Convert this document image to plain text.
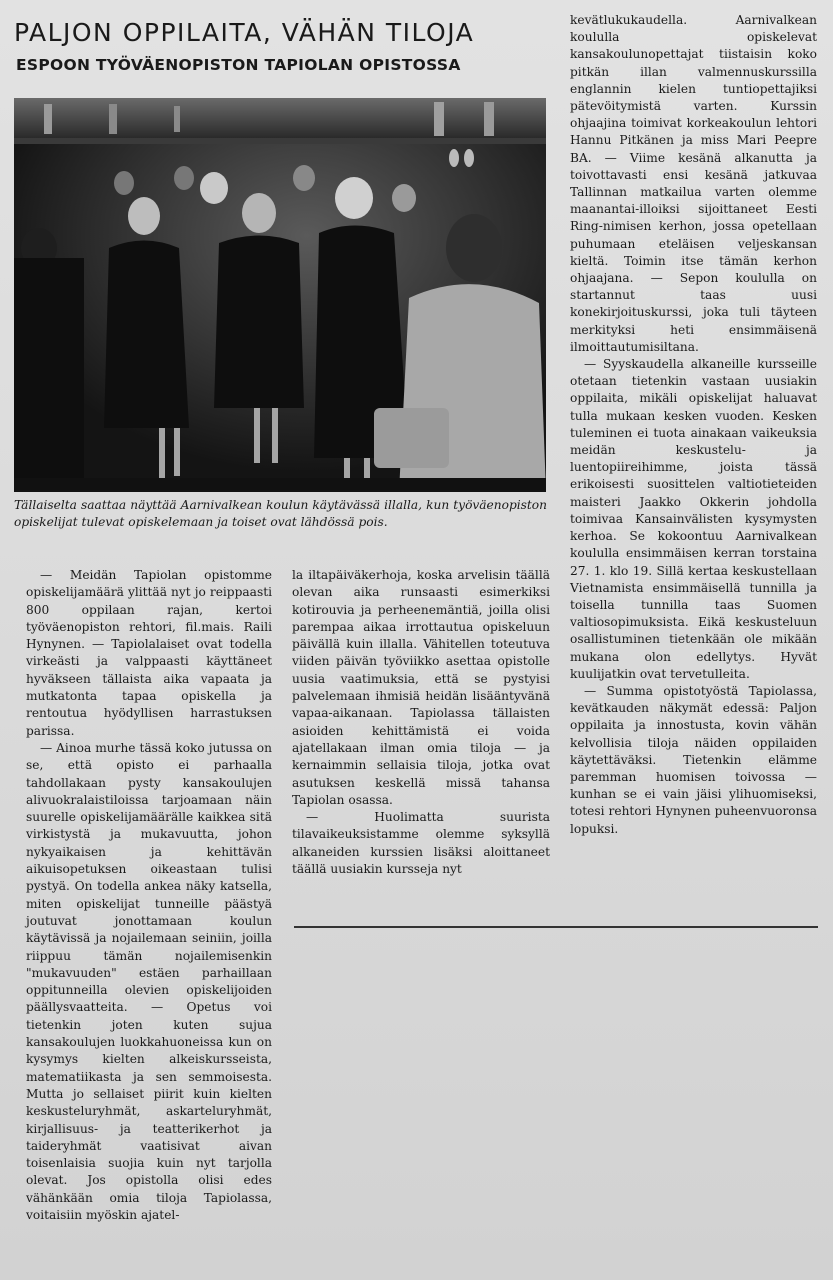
PALJON OPPILAITA, VÄHÄN TILOJA
ESPOON TYÖVÄENOPISTON TAPIOLAN OPISTOSSA

Tällaiselta saattaa näyttää Aarnivalkean koulun käytävässä illalla, kun työväenopiston opiskelijat tulevat opiskelemaan ja toiset ovat lähdössä pois.

— Meidän Tapiolan opistomme opiskelijamäärä ylittää nyt jo reippaasti 800 oppilaan rajan, kertoi työväenopiston rehtori, fil.mais. Raili Hynynen. — Tapiolalaiset ovat todella virkeästi ja valppaasti käyttäneet hyväkseen tällaista aika vapaata ja mutkatonta tapaa opiskella ja rentoutua hyödyllisen harrastuksen parissa.

— Ainoa murhe tässä koko jutussa on se, että opisto ei parhaalla tahdollakaan pysty kansakoulujen alivuokralaistiloissa tarjoamaan näin suurelle opiskelijamäärälle kaikkea sitä virkistystä ja mukavuutta, johon nykyaikaisen ja kehittävän aikuisopetuksen oikeastaan tulisi pystyä. On todella ankea näky katsella, miten opiskelijat tunneille päästyä joutuvat jonottamaan koulun käytävissä ja nojailemaan seiniin, joilla riippuu tämän nojailemisenkin "mukavuuden" estäen parhaillaan oppitunneilla olevien opiskelijoiden päällysvaatteita. — Opetus voi tietenkin joten kuten sujua kansakoulujen luokkahuoneissa kun on kysymys kielten alkeiskursseista, matematiikasta ja sen semmoisesta. Mutta jo sellaiset piirit kuin kielten keskusteluryhmät, askarteluryhmät, kirjallisuus- ja teatterikerhot ja taideryhmät vaatisivat aivan toisenlaisia suojia kuin nyt tarjolla olevat. Jos opistolla olisi edes vähänkään omia tiloja Tapiolassa, voitaisiin myöskin ajatel-

la iltapäiväkerhoja, koska arvelisin täällä olevan aika runsaasti esimerkiksi kotirouvia ja perheenemäntiä, joilla olisi parempaa aikaa irrottautua opiskeluun päivällä kuin illalla. Vähitellen toteutuva viiden päivän työviikko asettaa opistolle uusia vaatimuksia, että se pystyisi palvelemaan ihmisiä heidän lisääntyvänä vapaa-aikanaan. Tapiolassa tällaisten asioiden kehittämistä ei voida ajatellakaan ilman omia tiloja — ja kernaimmin sellaisia tiloja, jotka ovat asutuksen keskellä missä tahansa Tapiolan osassa.

— Huolimatta suurista tilavaikeuksistamme olemme syksyllä alkaneiden kurssien lisäksi aloittaneet täällä uusiakin kursseja nyt

kevätlukukaudella. Aarnivalkean koululla opiskelevat kansakoulunopettajat tiistaisin koko pitkän illan valmennuskurssilla englannin kielen tuntiopettajiksi pätevöitymistä varten. Kurssin ohjaajina toimivat korkeakoulun lehtori Hannu Pitkänen ja miss Mari Peepre BA. — Viime kesänä alkanutta ja toivottavasti ensi kesänä jatkuvaa Tallinnan matkailua varten olemme maanantai-illoiksi sijoittaneet Eesti Ring-nimisen kerhon, jossa opetellaan puhumaan eteläisen veljeskansan kieltä. Toimin itse tämän kerhon ohjaajana. — Sepon koululla on startannut taas uusi konekirjoituskurssi, joka tuli täyteen merkityksi heti ensimmäisenä ilmoittautumisiltana.

— Syyskaudella alkaneille kursseille otetaan tietenkin vastaan uusiakin oppilaita, mikäli opiskelijat haluavat tulla mukaan kesken vuoden. Kesken tuleminen ei tuota ainakaan vaikeuksia meidän keskustelu- ja luentopiireihimme, joista tässä erikoisesti suosittelen valtiotieteiden maisteri Jaakko Okkerin johdolla toimivaa Kansainvälisten kysymysten kerhoa. Se kokoontuu Aarnivalkean koululla ensimmäisen kerran torstaina 27. 1. klo 19. Sillä kertaa keskustellaan Vietnamista ensimmäisellä tunnilla ja toisella tunnilla taas Suomen valtiosopimuksista. Eikä keskusteluun osallistuminen tietenkään ole mikään mukana olon edellytys. Hyvät kuulijatkin ovat tervetulleita.

— Summa opistotyöstä Tapiolassa, kevätkauden näkymät edessä: Paljon oppilaita ja innostusta, kovin vähän kelvollisia tiloja näiden oppilaiden käytettäväksi. Tietenkin elämme paremman huomisen toivossa — kunhan se ei vain jäisi ylihuomiseksi, totesi rehtori Hynynen puheenvuoronsa lopuksi.
